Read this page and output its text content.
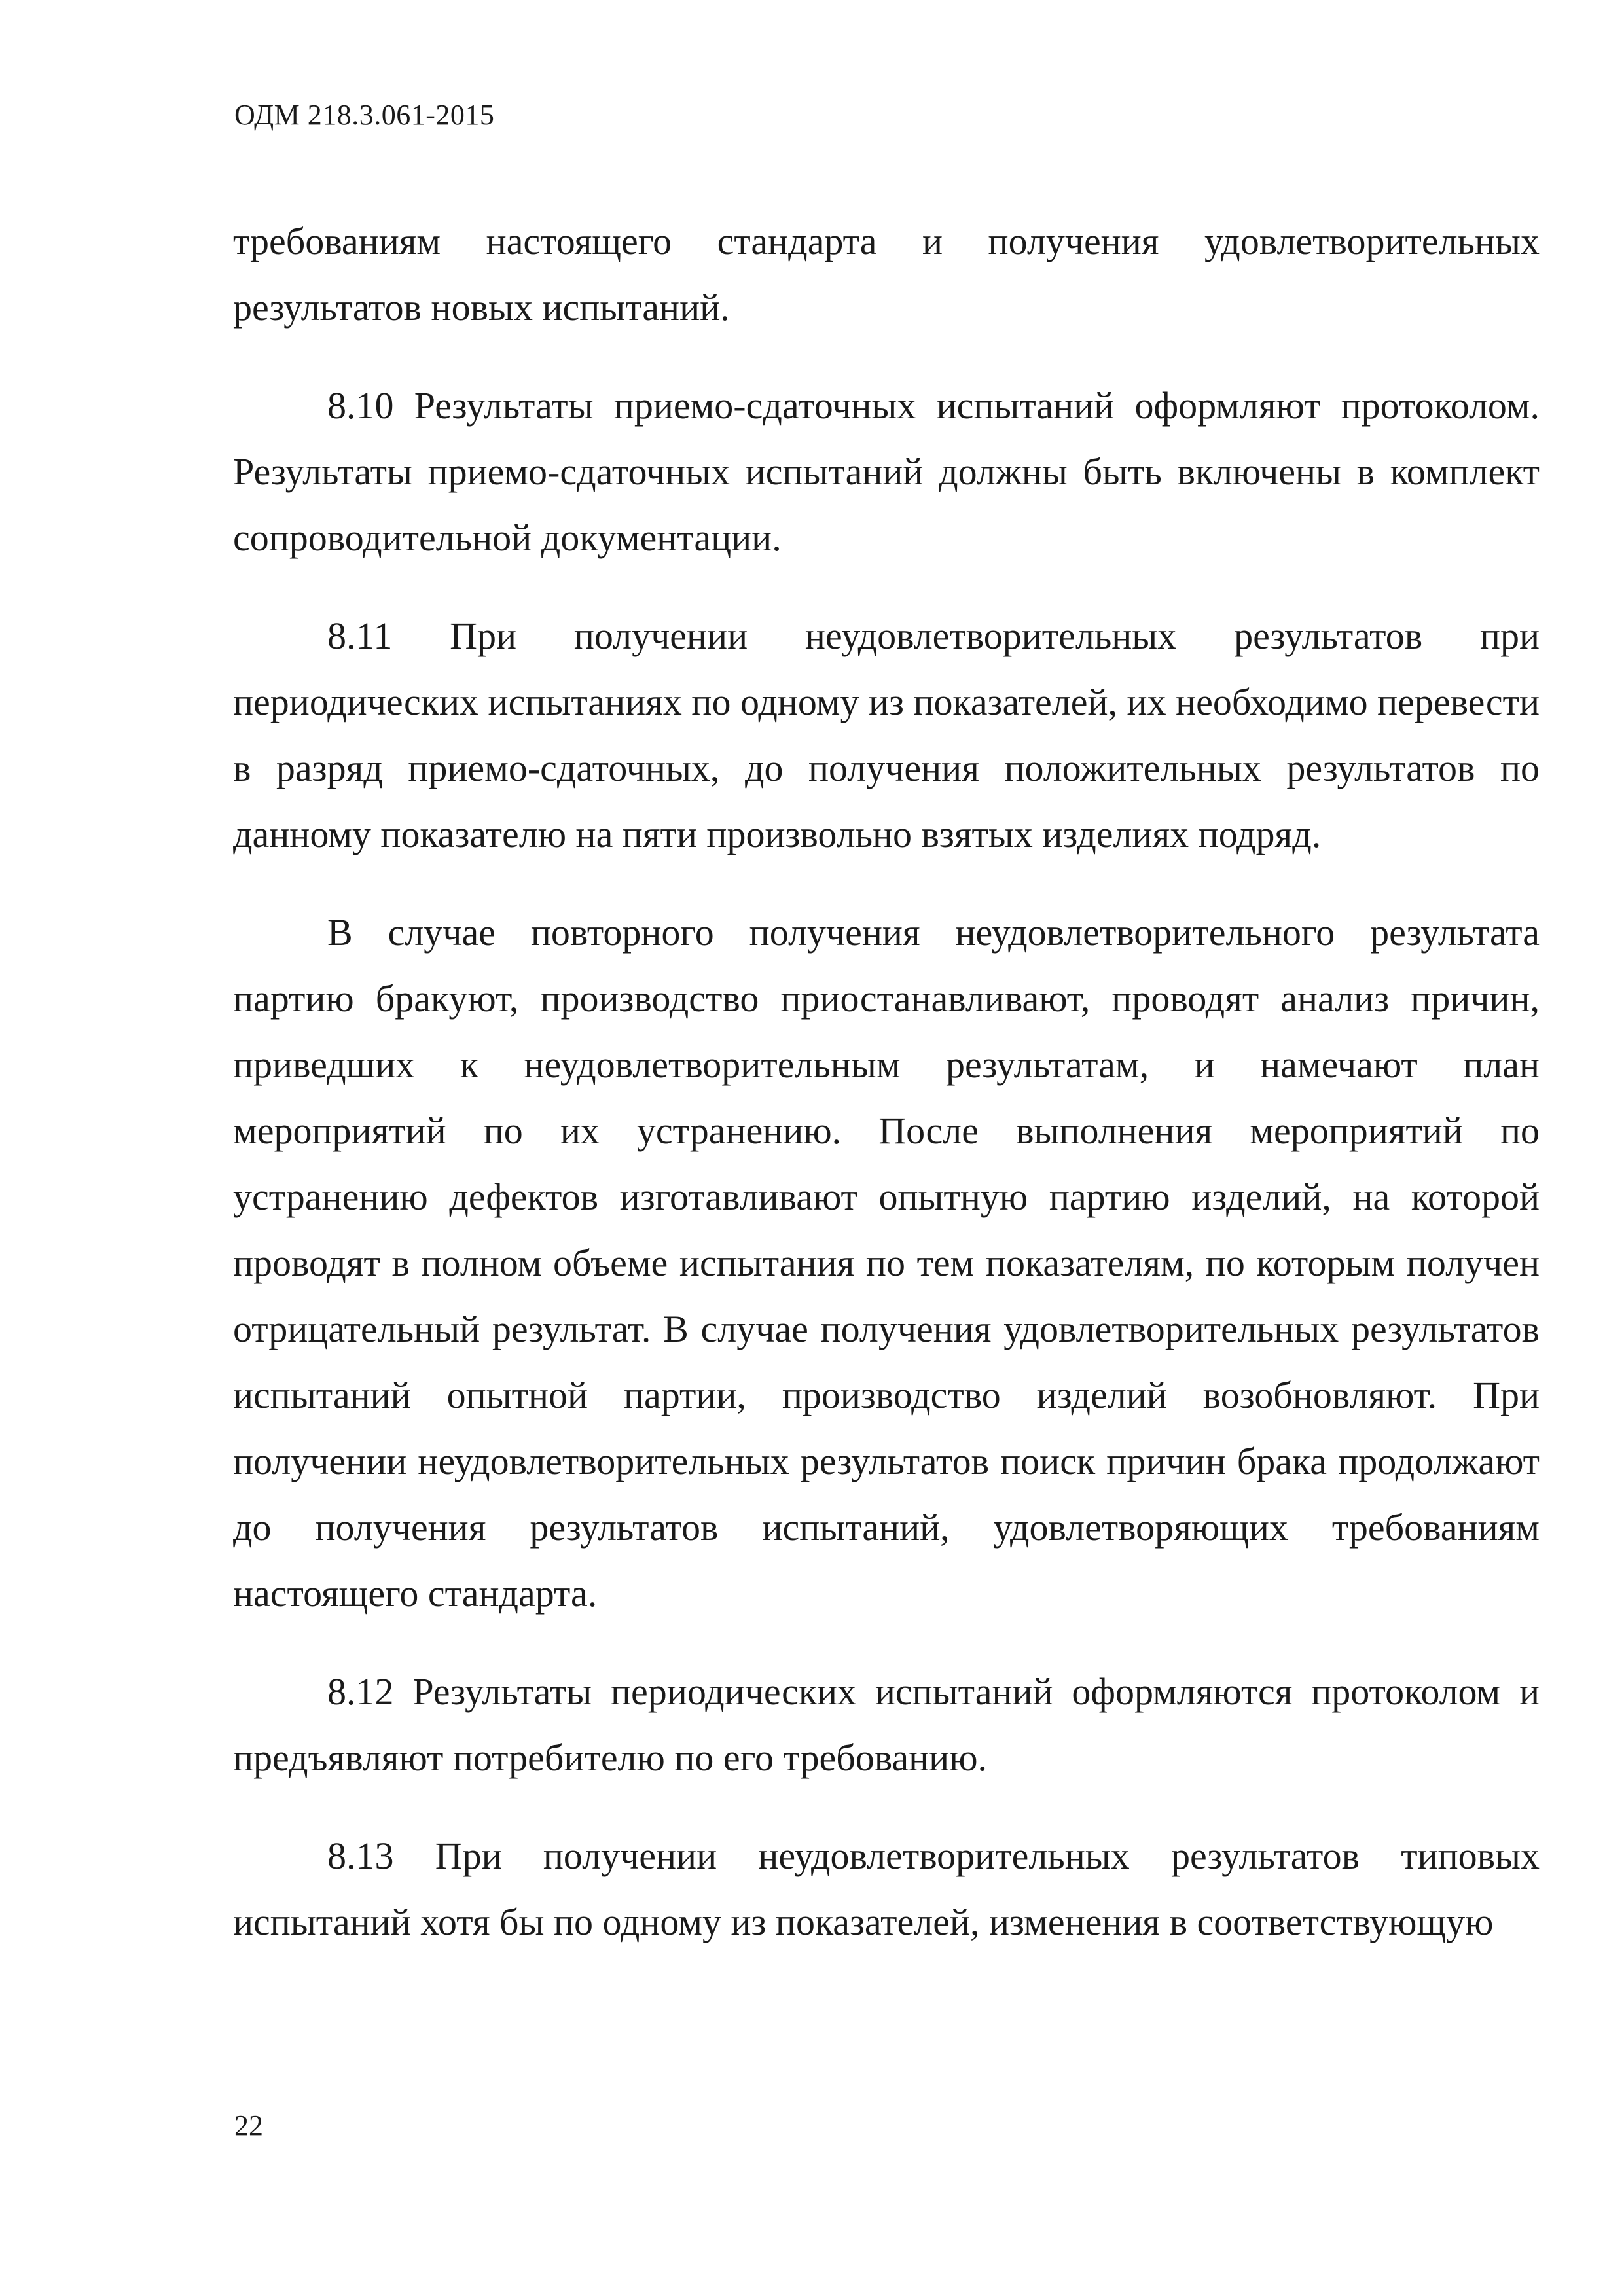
ОДМ 218.3.061-2015

требованиям настоящего стандарта и получения удовлетворительных результатов новых испытаний.

8.10 Результаты приемо-сдаточных испытаний оформляют протоколом. Результаты приемо-сдаточных испытаний должны быть включены в комплект сопроводительной документации.

8.11 При получении неудовлетворительных результатов при периодических испытаниях по одному из показателей, их необходимо перевести в разряд приемо-сдаточных, до получения положительных результатов по данному показателю на пяти произвольно взятых изделиях подряд.

В случае повторного получения неудовлетворительного результата партию бракуют, производство приостанавливают, проводят анализ причин, приведших к неудовлетворительным результатам, и намечают план мероприятий по их устранению. После выполнения мероприятий по устранению дефектов изготавливают опытную партию изделий, на которой проводят в полном объеме испытания по тем показателям, по которым получен отрицательный результат. В случае получения удовлетворительных результатов испытаний опытной партии, производство изделий возобновляют. При получении неудовлетворительных результатов поиск причин брака продолжают до получения результатов испытаний, удовлетворяющих требованиям настоящего стандарта.

8.12 Результаты периодических испытаний оформляются протоколом и предъявляют потребителю по его требованию.

8.13 При получении неудовлетворительных результатов типовых испытаний хотя бы по одному из показателей, изменения в соответствующую

22
